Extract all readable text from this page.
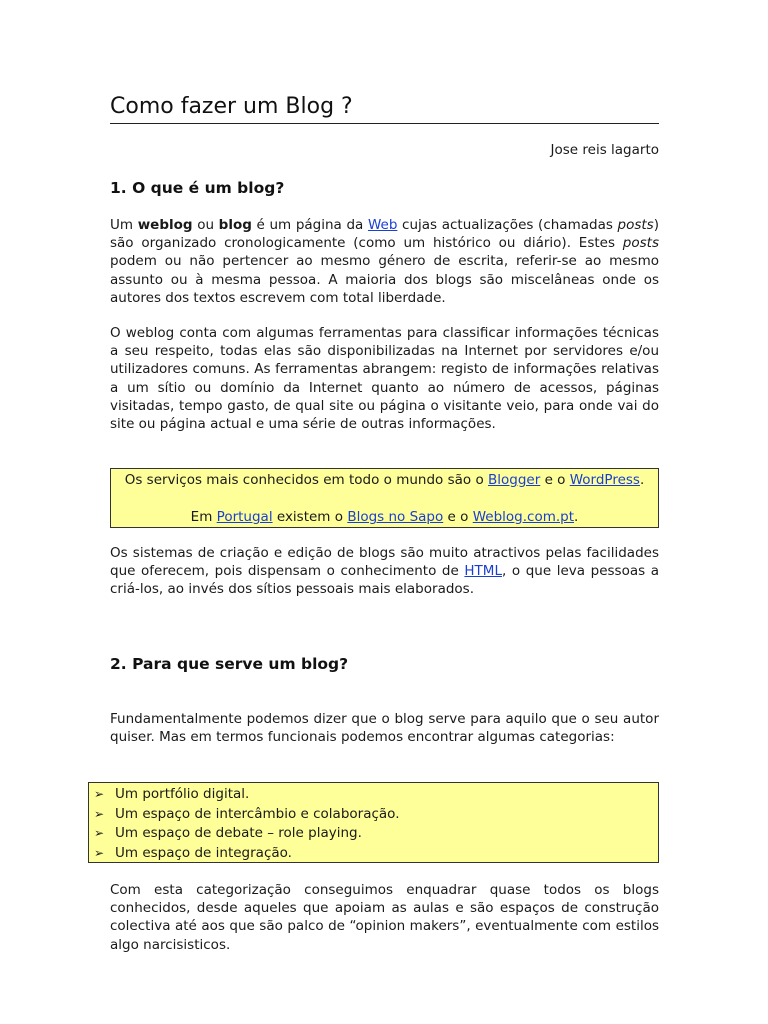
Como fazer um Blog ?
Jose reis lagarto
1. O que é um blog?

Um weblog ou blog é um página da Web cujas actualizações (chamadas posts) são organizado cronologicamente (como um histórico ou diário). Estes posts podem ou não pertencer ao mesmo género de escrita, referir-se ao mesmo assunto ou à mesma pessoa. A maioria dos blogs são miscelâneas onde os autores dos textos escrevem com total liberdade.

O weblog conta com algumas ferramentas para classificar informações técnicas a seu respeito, todas elas são disponibilizadas na Internet por servidores e/ou utilizadores comuns. As ferramentas abrangem: registo de informações relativas a um sítio ou domínio da Internet quanto ao número de acessos, páginas visitadas, tempo gasto, de qual site ou página o visitante veio, para onde vai do site ou página actual e uma série de outras informações.

Os serviços mais conhecidos em todo o mundo são o Blogger e o WordPress.
Em Portugal existem o Blogs no Sapo e o Weblog.com.pt.

Os sistemas de criação e edição de blogs são muito atractivos pelas facilidades que oferecem, pois dispensam o conhecimento de HTML, o que leva pessoas a criá-los, ao invés dos sítios pessoais mais elaborados.

2. Para que serve um blog?

Fundamentalmente podemos dizer que o blog serve para aquilo que o seu autor quiser. Mas em termos funcionais podemos encontrar algumas categorias:

➢ Um portfólio digital.
➢ Um espaço de intercâmbio e colaboração.
➢ Um espaço de debate – role playing.
➢ Um espaço de integração.

Com esta categorização conseguimos enquadrar quase todos os blogs conhecidos, desde aqueles que apoiam as aulas e são espaços de construção colectiva até aos que são palco de “opinion makers”, eventualmente com estilos algo narcisisticos.
